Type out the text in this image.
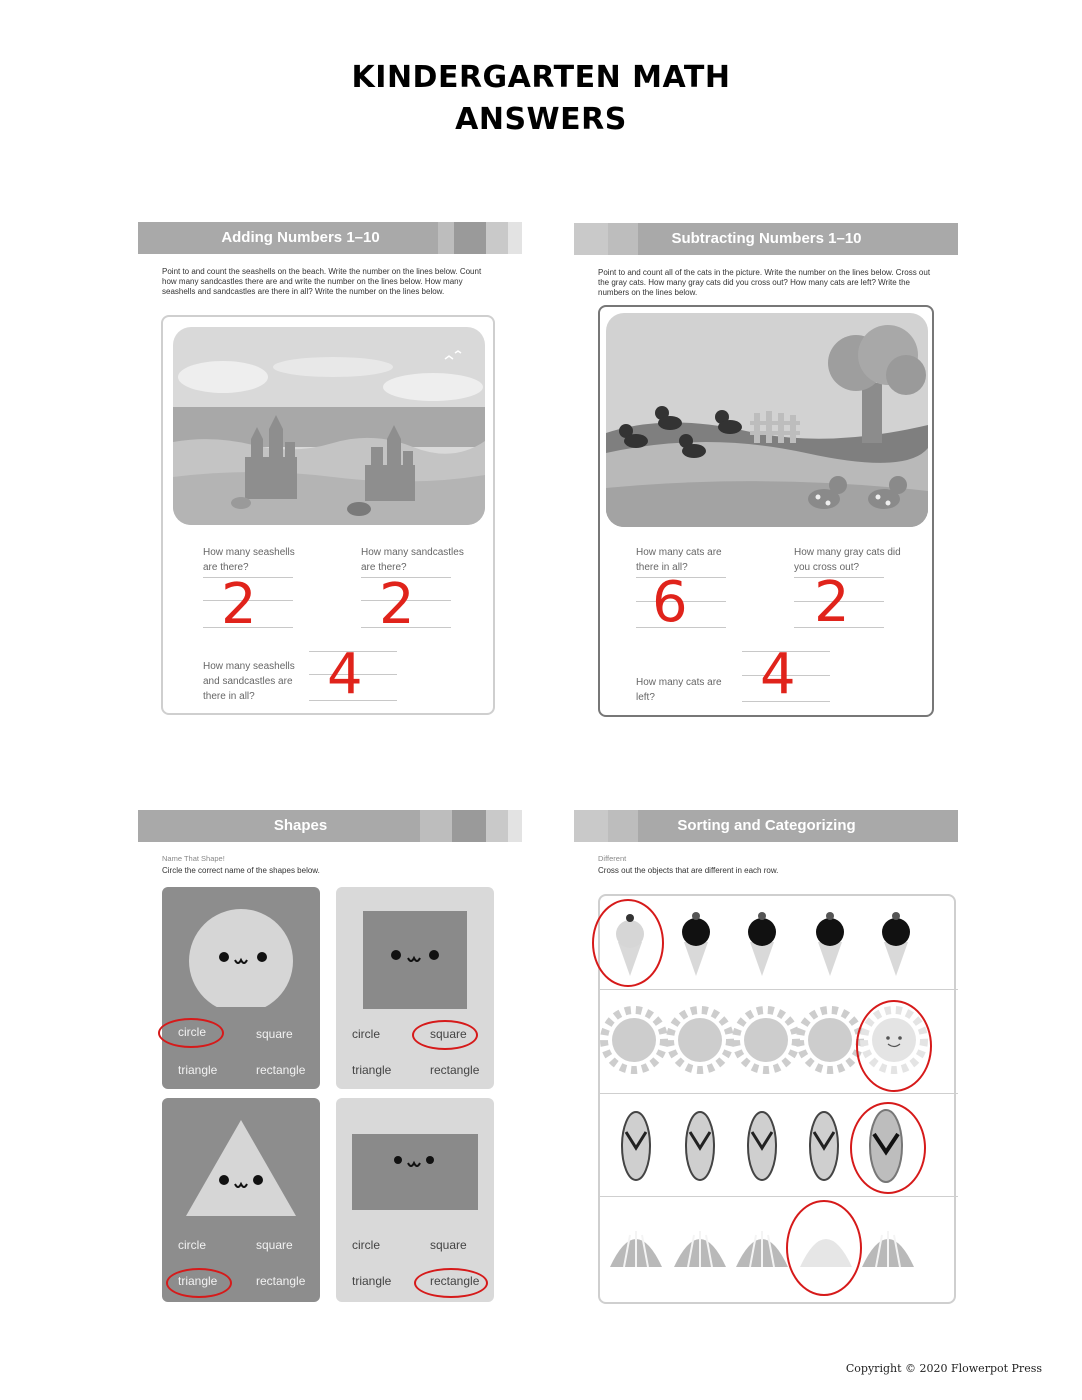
KINDERGARTEN MATH
ANSWERS
Adding Numbers 1–10
Point to and count the seashells on the beach. Write the number on the lines below. Count how many sandcastles there are and write the number on the lines below. How many seashells and sandcastles are there in all? Write the number on the lines below.
How many seashells are there?
2
How many sandcastles are there?
2
How many seashells and sandcastles are there in all?	4
Subtracting Numbers 1–10
Point to and count all of the cats in the picture. Write the number on the lines below. Cross out the gray cats. How many gray cats did you cross out? How many cats are left? Write the numbers on the lines below.
How many cats are there in all?
6
How many gray cats did you cross out?
2
How many cats are left?	4
Shapes
Name That Shape!
Circle the correct name of the shapes below.
circle	square
triangle	rectangle
circle	square
triangle	rectangle
circle	square
triangle	rectangle
circle	square
triangle	rectangle
Sorting and Categorizing
Different
Cross out the objects that are different in each row.
Copyright © 2020 Flowerpot Press
